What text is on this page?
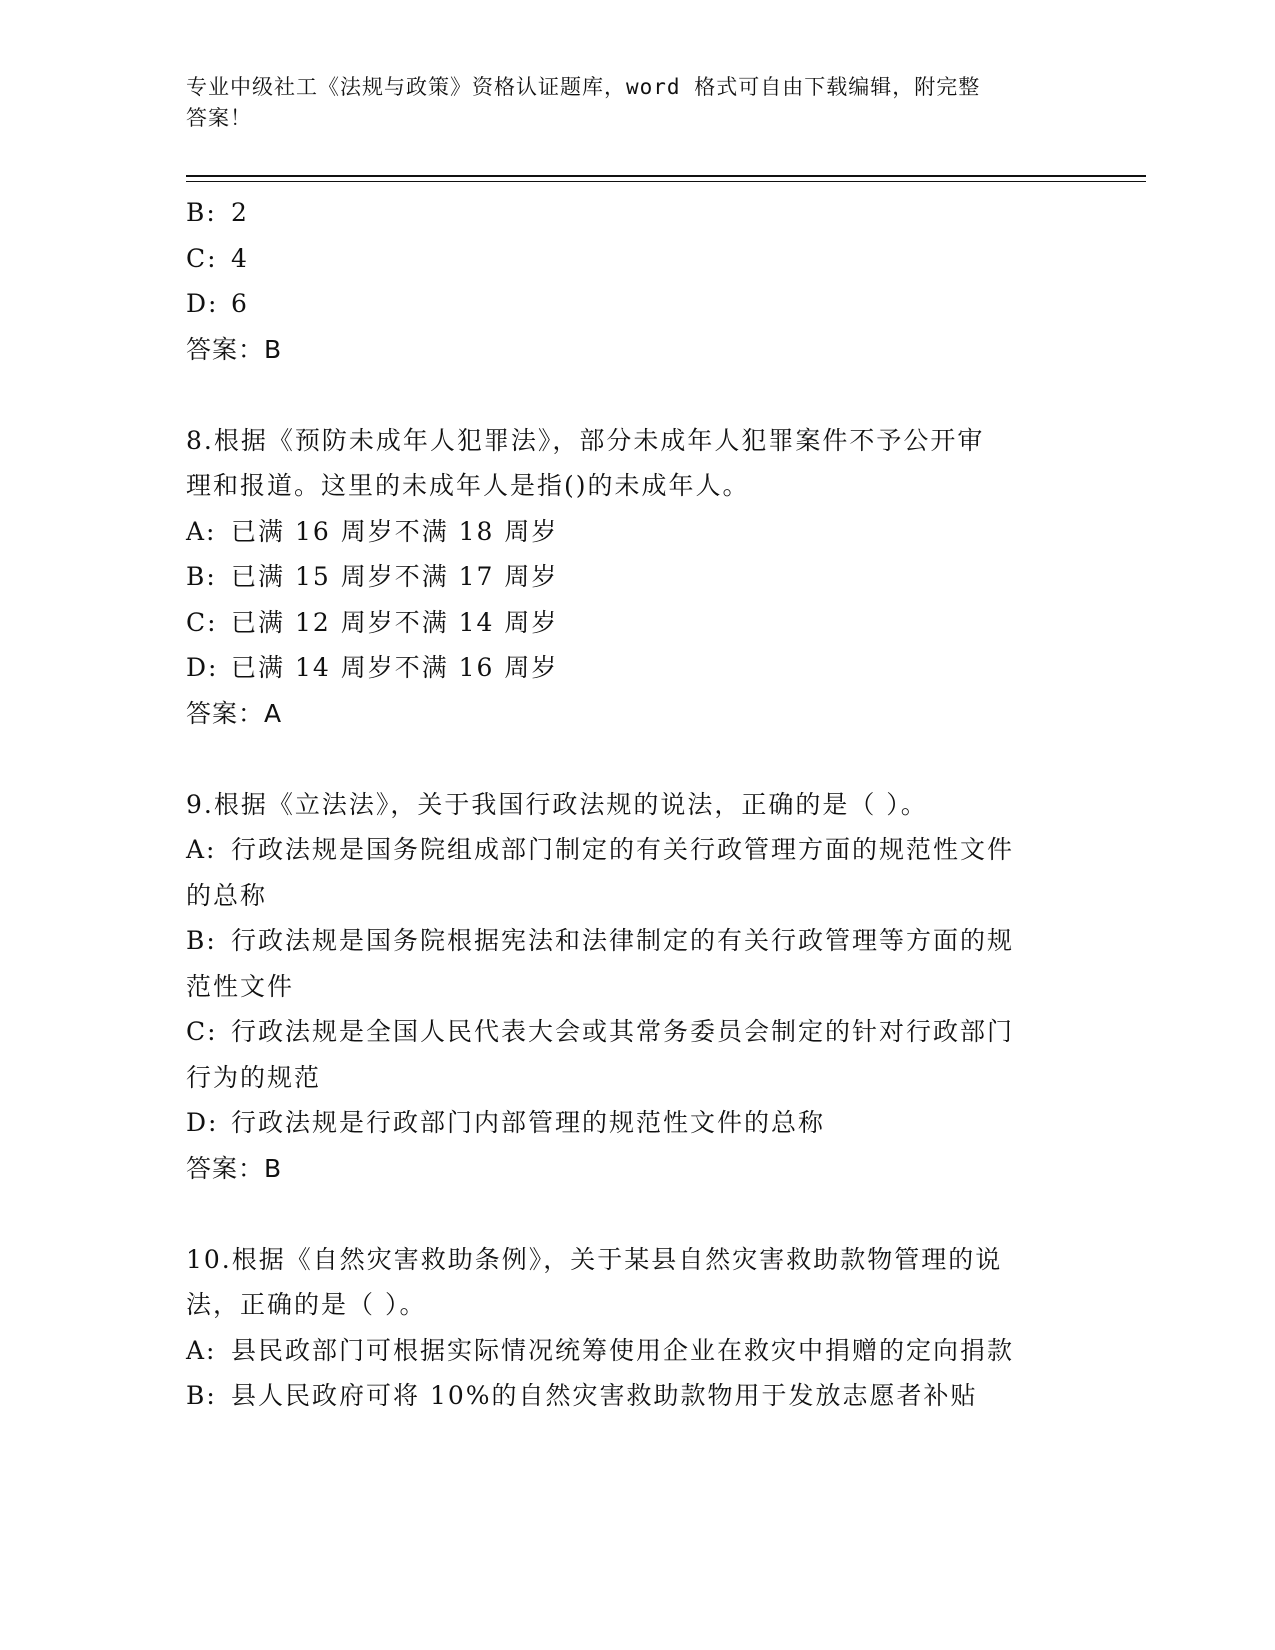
专业中级社工《法规与政策》资格认证题库，word 格式可自由下载编辑，附完整
答案！
B: 2
C: 4
D: 6
答案：B
8.根据《预防未成年人犯罪法》，部分未成年人犯罪案件不予公开审
理和报道。这里的未成年人是指()的未成年人。
A: 已满 16 周岁不满 18 周岁
B: 已满 15 周岁不满 17 周岁
C: 已满 12 周岁不满 14 周岁
D: 已满 14 周岁不满 16 周岁
答案：A
9.根据《立法法》，关于我国行政法规的说法，正确的是（ ）。
A: 行政法规是国务院组成部门制定的有关行政管理方面的规范性文件
的总称
B: 行政法规是国务院根据宪法和法律制定的有关行政管理等方面的规
范性文件
C: 行政法规是全国人民代表大会或其常务委员会制定的针对行政部门
行为的规范
D: 行政法规是行政部门内部管理的规范性文件的总称
答案：B
10.根据《自然灾害救助条例》，关于某县自然灾害救助款物管理的说
法，正确的是（ ）。
A: 县民政部门可根据实际情况统筹使用企业在救灾中捐赠的定向捐款
B: 县人民政府可将 10%的自然灾害救助款物用于发放志愿者补贴
